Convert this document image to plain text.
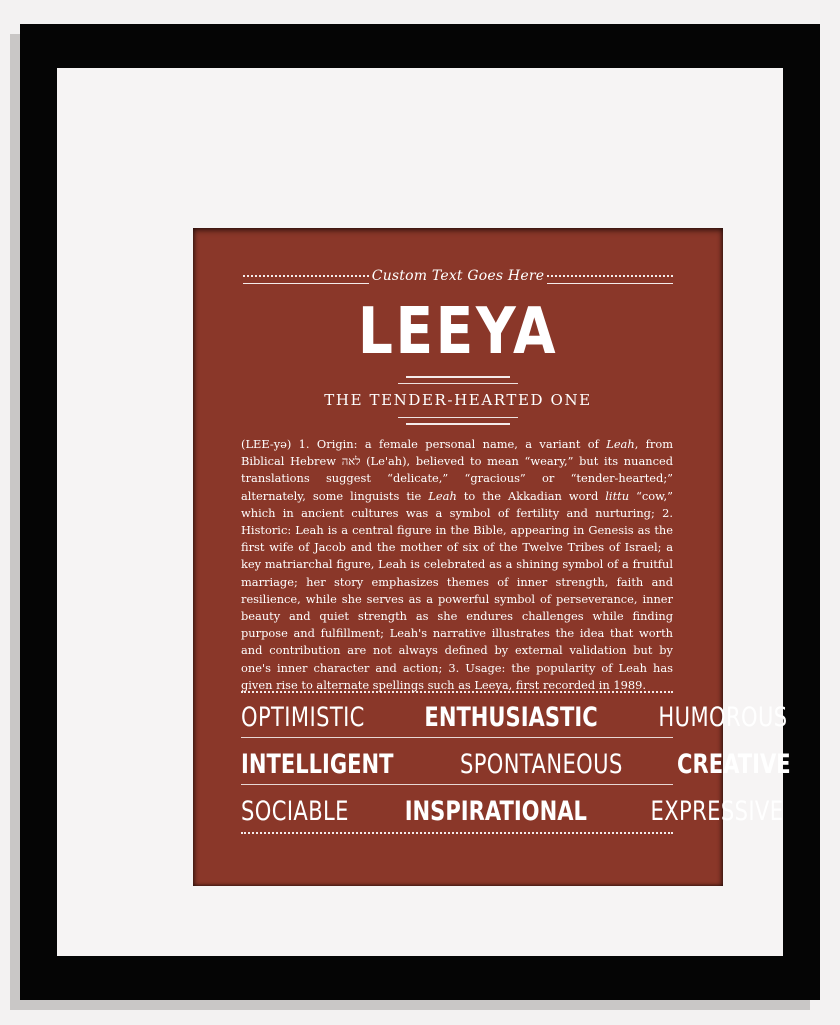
Custom Text Goes Here
LEEYA
THE TENDER-HEARTED ONE

(LEE-yə) 1. Origin: a female personal name, a variant of Leah, from Biblical Hebrew לאה (Le'ah), believed to mean “weary,” but its nuanced translations suggest “delicate,” “gracious” or “tender-hearted;” alternately, some linguists tie Leah to the Akkadian word littu “cow,” which in ancient cultures was a symbol of fertility and nurturing; 2. Historic: Leah is a central figure in the Bible, appearing in Genesis as the first wife of Jacob and the mother of six of the Twelve Tribes of Israel; a key matriarchal figure, Leah is celebrated as a shining symbol of a fruitful marriage; her story emphasizes themes of inner strength, faith and resilience, while she serves as a powerful symbol of perseverance, inner beauty and quiet strength as she endures challenges while finding purpose and fulfillment; Leah's narrative illustrates the idea that worth and contribution are not always defined by external validation but by one's inner character and action; 3. Usage: the popularity of Leah has given rise to alternate spellings such as Leeya, first recorded in 1989.

OPTIMISTIC ENTHUSIASTIC HUMOROUS
INTELLIGENT SPONTANEOUS CREATIVE
SOCIABLE INSPIRATIONAL EXPRESSIVE
